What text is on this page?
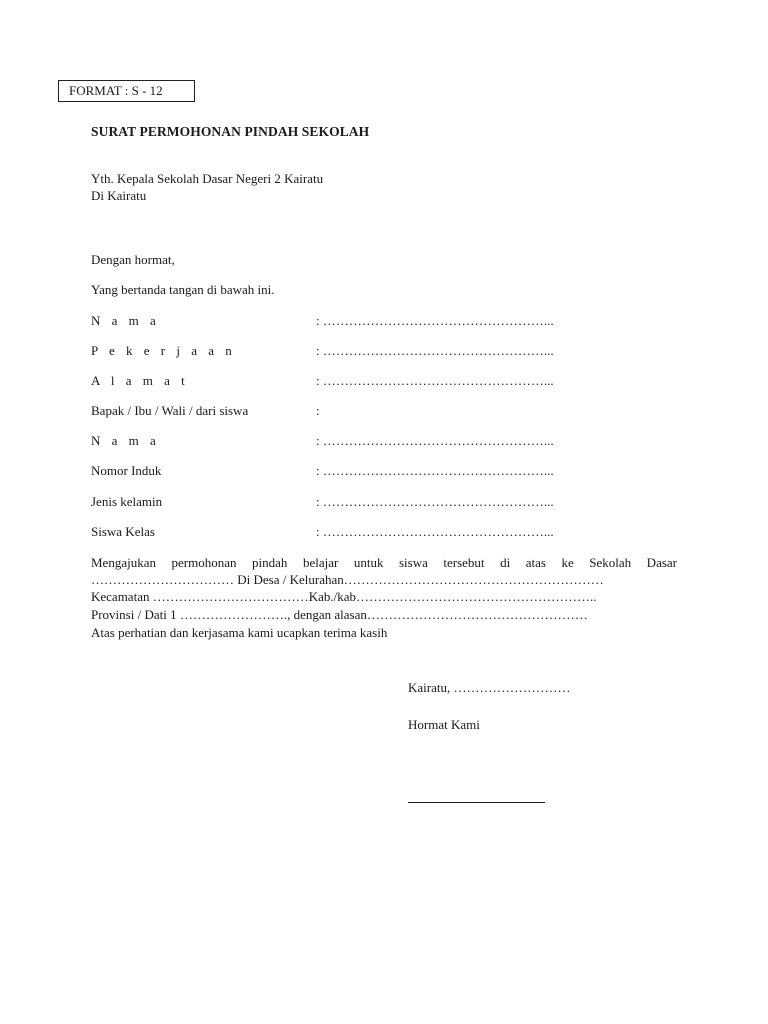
FORMAT : S - 12
SURAT PERMOHONAN PINDAH SEKOLAH
Yth. Kepala Sekolah Dasar Negeri 2 Kairatu
Di Kairatu
Dengan hormat,
Yang bertanda tangan di bawah ini.
N a m a	: ……………………………………………...
P e k e r j a a n	: ……………………………………………...
A l a m a t	: ……………………………………………...
Bapak / Ibu / Wali / dari siswa	:
N a m a	: ……………………………………………...
Nomor Induk	: ……………………………………………...
Jenis kelamin	: ……………………………………………...
Siswa Kelas	: ……………………………………………...
Mengajukan permohonan pindah belajar untuk siswa tersebut di atas ke Sekolah Dasar
…………………………… Di Desa / Kelurahan……………………………………………………
Kecamatan ………………………………Kab./kab………………………………………………..
Provinsi / Dati 1 ……………………., dengan alasan……………………………………………
Atas perhatian dan kerjasama kami ucapkan terima kasih
Kairatu, ………………………
Hormat Kami
